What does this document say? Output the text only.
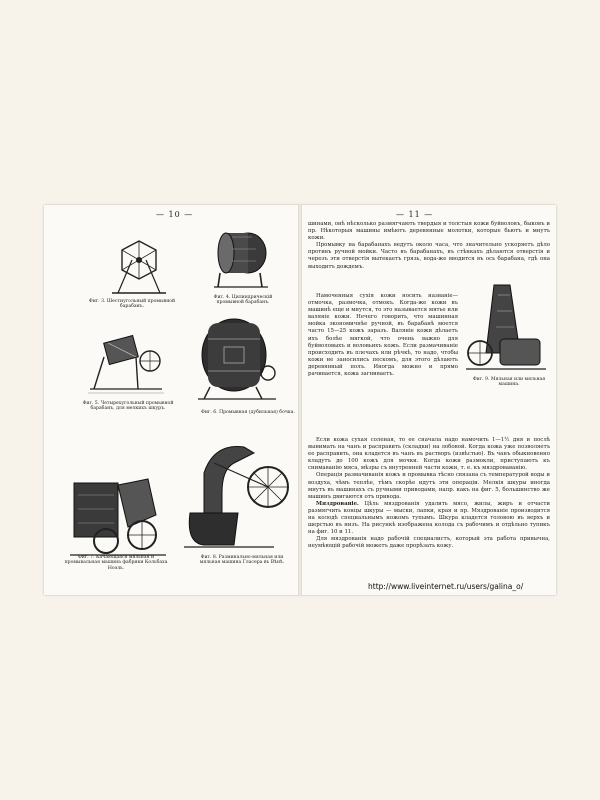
— 10 —
Фиг. 3. Шестиугольный промывной барабанъ.
Фиг. 4. Цилиндрическій промывной барабанъ.
Фиг. 5. Четырехугольный промывной барабанъ, для мелкихъ шкуръ.
Фиг. 6. Промывная (дубильная) бочка.
Фиг. 7. Качающаяся мяльная и промывальная машина фабрики Кольбаха Ноэль.
Фиг. 8. Разминально-мяльная или мяльная машина Гласера въ Вѣнѣ.
— 11 —

шинами, онѣ нѣсколько размягчають твердыя и толстыя кожи буйволовъ, быковъ и пр. Нѣкоторыя машины имѣютъ деревянные молотки, которые бьютъ и мнутъ кожи.

Промывку на барабанахъ ведутъ около часа, что значительно ускоряетъ дѣло противъ ручной мойки. Часто въ барабанахъ, въ стѣнкахъ дѣлаются отверстія и черезъ эти отверстія вытекаетъ грязь, вода-же вводится въ ось барабана, гдѣ она выходитъ дождемъ.

Намоченныя сухія кожи носить названіе—отмочка, размочка, отмокъ. Когда-же кожи въ машинѣ еще и мнутся, то это называется мятье или валяніе кожи. Нечего говорить, что машинная мойка экономичнѣе ручной, въ барабанѣ моется часто 15—25 кожъ заразъ. Валяніе кожи дѣлаетъ ихъ болѣе мягкой, что очень важно для буйволовыхъ и воловьихъ кожъ. Если размачиваніе происходить въ плечахъ или рѣчкѣ, то надо, чтобы кожи не заносились пескомъ, для этого дѣлаютъ деревянный полъ. Иногда можно и прямо рачивается, кожа загниваетъ.

Фиг. 9. Мяльная или мяльная машина.

Если кожа сухая соленая, то ее сначала надо намочить 1—1½ дня и послѣ вынимать на чанъ и расправить (складки) на лобовой. Когда кожа уже позволяетъ ее расправить, она кладется въ чанъ въ растворъ (извѣстью). Въ чанъ обыкновенно кладутъ до 100 кожъ для мочки. Когда кожи размокли, приступаютъ къ снимаванію мяса, мѣзры съ внутренней части кожи, т. е. къ мяздроваванію.

Операція размачиванія кожъ и промывка тѣсно связана съ температурой воды и воздуха, чѣмъ теплѣе, тѣмъ скорѣе идутъ эти операціи. Мелкія шкуры иногда мнутъ въ машинахъ съ ручными приводами, напр. какъ на фиг. 5, большинство же машинъ двигаются отъ привода.

Мяздрованіе. Цѣль мяздрованія удалить мясо, жилы, жиръ и отчасти размягчить концы шкуры — мыски, лапки, края и пр. Мяздрованіе производится на колодѣ специальнымъ ножомъ тупымъ. Шкура кладется головою въ верхъ и шерстью въ низъ. На рисункѣ изображена колода съ рабочимъ и отдѣльно тупикъ на фиг. 10 и 11.

Для мяздрованія надо рабочій специалистъ, который эта работа привычна, неумѣющій рабочій можетъ даже прорѣзать кожу.

http://www.liveinternet.ru/users/galina_o/
